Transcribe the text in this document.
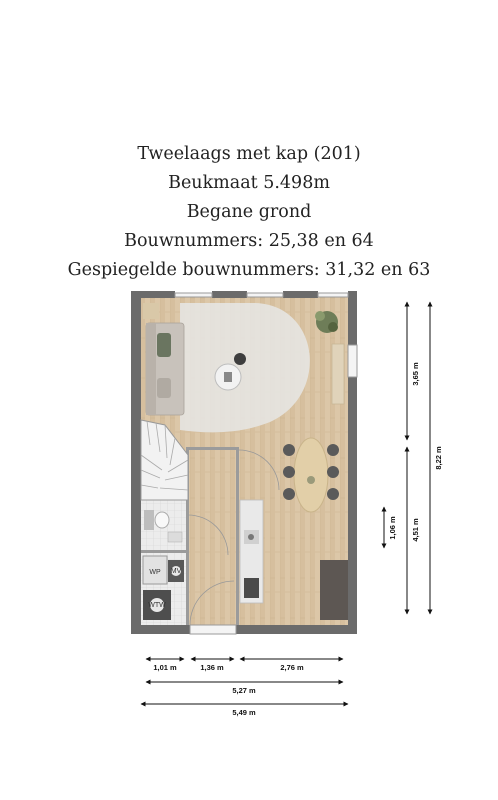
Tweelaags met kap (201)
Beukmaat 5.498m
Begane grond
Bouwnummers: 25,38 en 64
Gespiegelde bouwnummers: 31,32 en 63
WP MV
WTW
3,65 m
4,51 m
1,06 m
8,22 m
1,01 m	1,36 m	2,76 m
5,27 m
5,49 m
